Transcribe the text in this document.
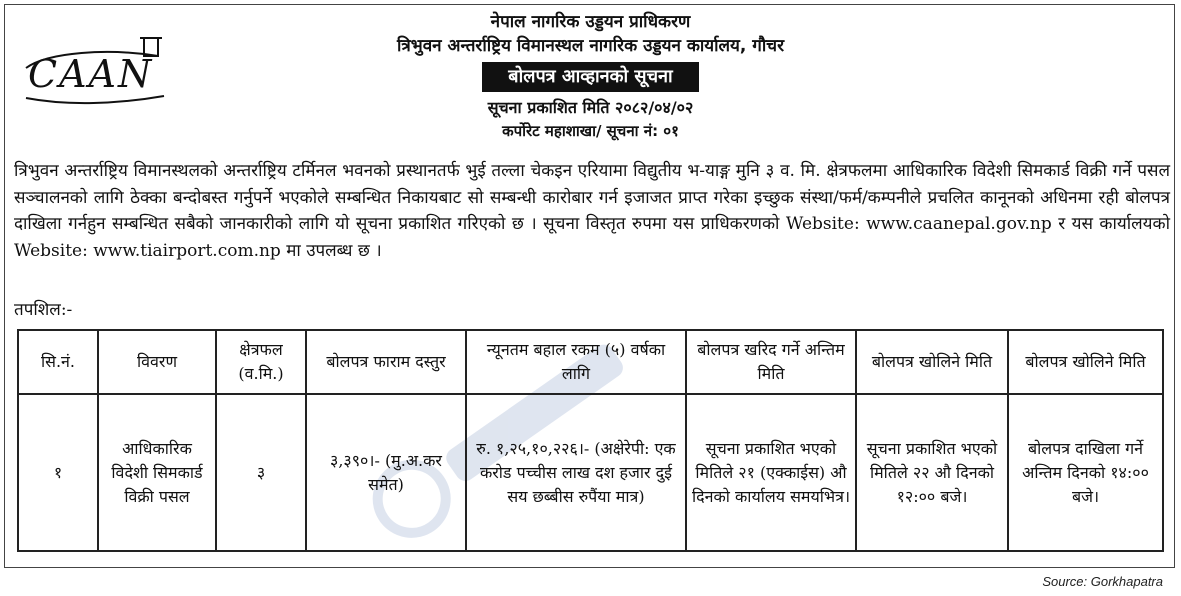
CAAN
नेपाल नागरिक उड्डयन प्राधिकरण
त्रिभुवन अन्तर्राष्ट्रिय विमानस्थल नागरिक उड्डयन कार्यालय, गौचर
बोलपत्र आव्हानको सूचना
सूचना प्रकाशित मिति २०८२/०४/०२
कर्पोरेट महाशाखा/ सूचना नं: ०१
त्रिभुवन अन्तर्राष्ट्रिय विमानस्थलको अन्तर्राष्ट्रिय टर्मिनल भवनको प्रस्थानतर्फ भुई तल्ला चेकइन एरियामा विद्युतीय भ-याङ्ग मुनि ३ व. मि. क्षेत्रफलमा आधिकारिक विदेशी सिमकार्ड विक्री गर्ने पसल सञ्चालनको लागि ठेक्का बन्दोबस्त गर्नुपर्ने भएकोले सम्बन्धित निकायबाट सो सम्बन्धी कारोबार गर्न इजाजत प्राप्त गरेका इच्छुक संस्था/फर्म/कम्पनीले प्रचलित कानूनको अधिनमा रही बोलपत्र दाखिला गर्नहुन सम्बन्धित सबैको जानकारीको लागि यो सूचना प्रकाशित गरिएको छ । सूचना विस्तृत रुपमा यस प्राधिकरणको Website: www.caanepal.gov.np र यस कार्यालयको Website: www.tiairport.com.np मा उपलब्ध छ ।
तपशिल:-
सि.नं.	विवरण	क्षेत्रफल (व.मि.)	बोलपत्र फाराम दस्तुर	न्यूनतम बहाल रकम (५) वर्षका लागि	बोलपत्र खरिद गर्ने अन्तिम मिति	बोलपत्र खोलिने मिति	बोलपत्र खोलिने मिति
१	आधिकारिक विदेशी सिमकार्ड विक्री पसल	३	३,३९०।- (मु.अ.कर समेत)	रु. १,२५,१०,२२६।- (अक्षेरेपी: एक करोड पच्चीस लाख दश हजार दुई सय छब्बीस रुपैंया मात्र)	सूचना प्रकाशित भएको मितिले २१ (एक्काईस) औ दिनको कार्यालय समयभित्र।	सूचना प्रकाशित भएको मितिले २२ औ दिनको १२:०० बजे।	बोलपत्र दाखिला गर्ने अन्तिम दिनको १४:०० बजे।
Source: Gorkhapatra
